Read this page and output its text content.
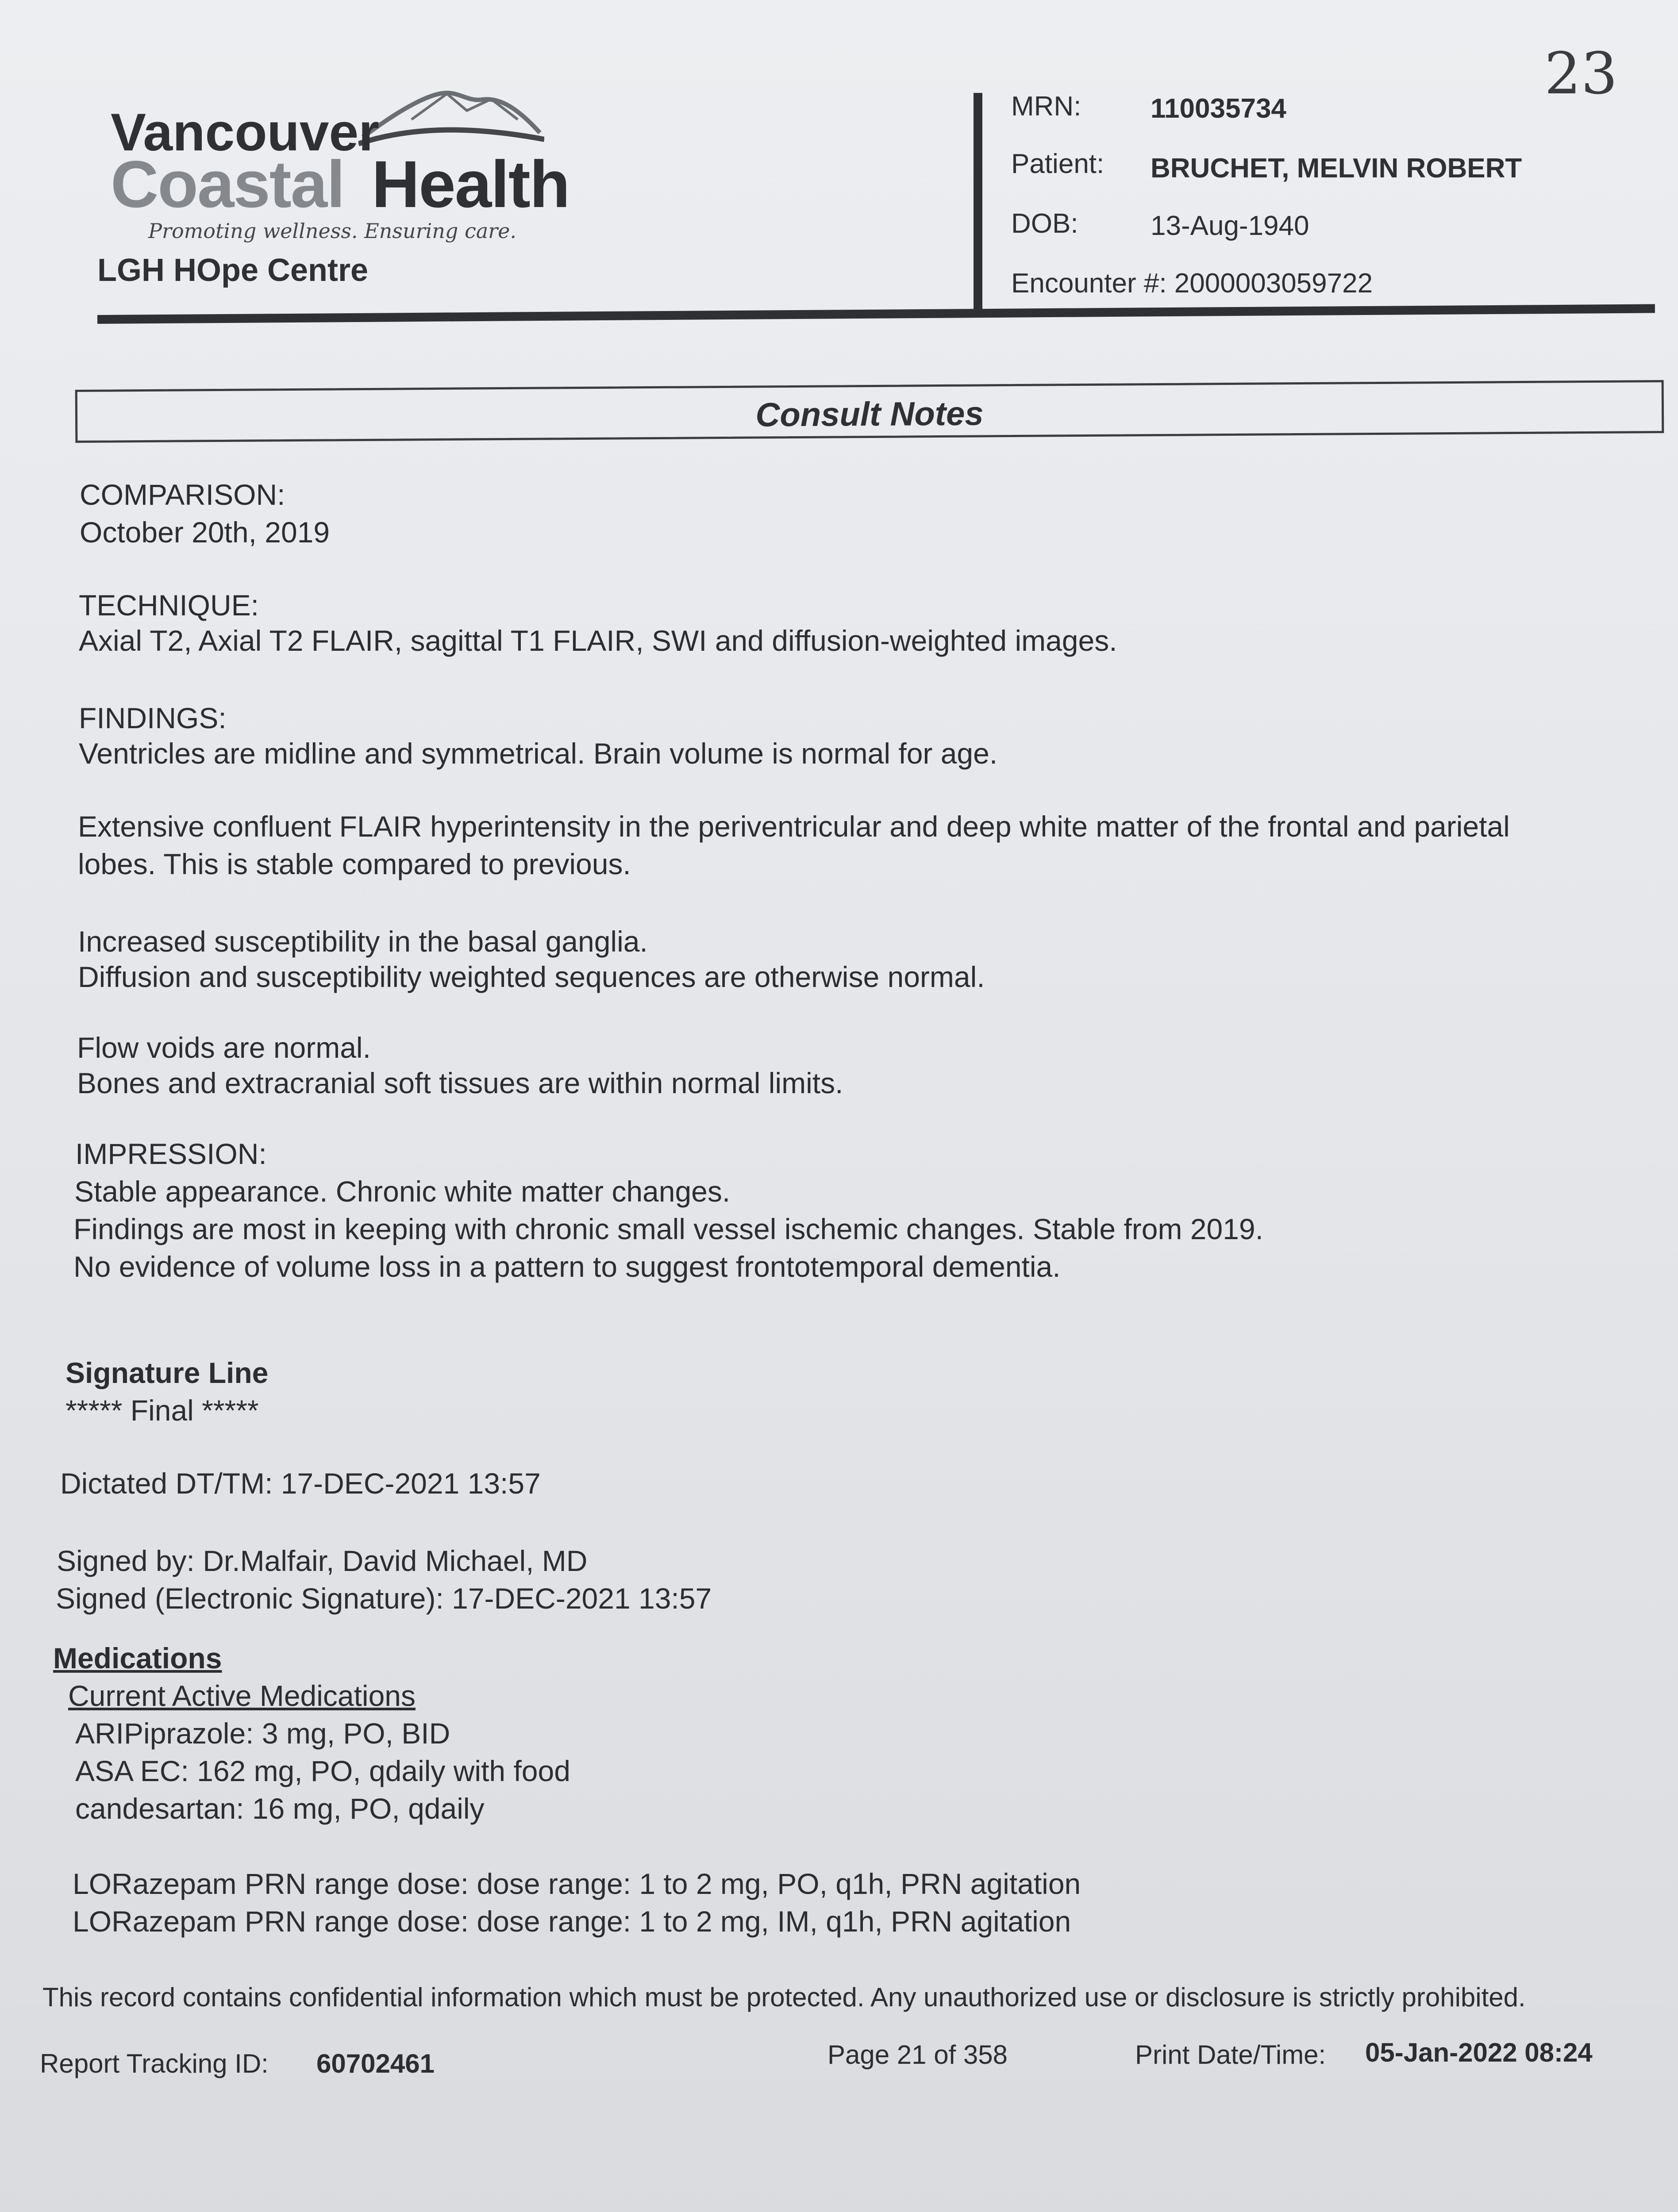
23
Vancouver
Coastal Health
Promoting wellness. Ensuring care.
LGH HOpe Centre
MRN:	110035734
Patient: BRUCHET, MELVIN ROBERT
DOB:	13-Aug-1940
Encounter #: 2000003059722
Consult Notes
COMPARISON:
October 20th, 2019
TECHNIQUE:
Axial T2, Axial T2 FLAIR, sagittal T1 FLAIR, SWI and diffusion-weighted images.
FINDINGS:
Ventricles are midline and symmetrical. Brain volume is normal for age.
Extensive confluent FLAIR hyperintensity in the periventricular and deep white matter of the frontal and parietal
lobes. This is stable compared to previous.
Increased susceptibility in the basal ganglia.
Diffusion and susceptibility weighted sequences are otherwise normal.
Flow voids are normal.
Bones and extracranial soft tissues are within normal limits.
IMPRESSION:
Stable appearance. Chronic white matter changes.
Findings are most in keeping with chronic small vessel ischemic changes. Stable from 2019.
No evidence of volume loss in a pattern to suggest frontotemporal dementia.
Signature Line
***** Final *****
Dictated DT/TM: 17-DEC-2021 13:57
Signed by: Dr.Malfair, David Michael, MD
Signed (Electronic Signature): 17-DEC-2021 13:57
Medications
Current Active Medications
ARIPiprazole: 3 mg, PO, BID
ASA EC: 162 mg, PO, qdaily with food
candesartan: 16 mg, PO, qdaily
LORazepam PRN range dose: dose range: 1 to 2 mg, PO, q1h, PRN agitation
LORazepam PRN range dose: dose range: 1 to 2 mg, IM, q1h, PRN agitation
This record contains confidential information which must be protected. Any unauthorized use or disclosure is strictly prohibited.
Report Tracking ID: 60702461	Page 21 of 358	Print Date/Time: 05-Jan-2022 08:24
